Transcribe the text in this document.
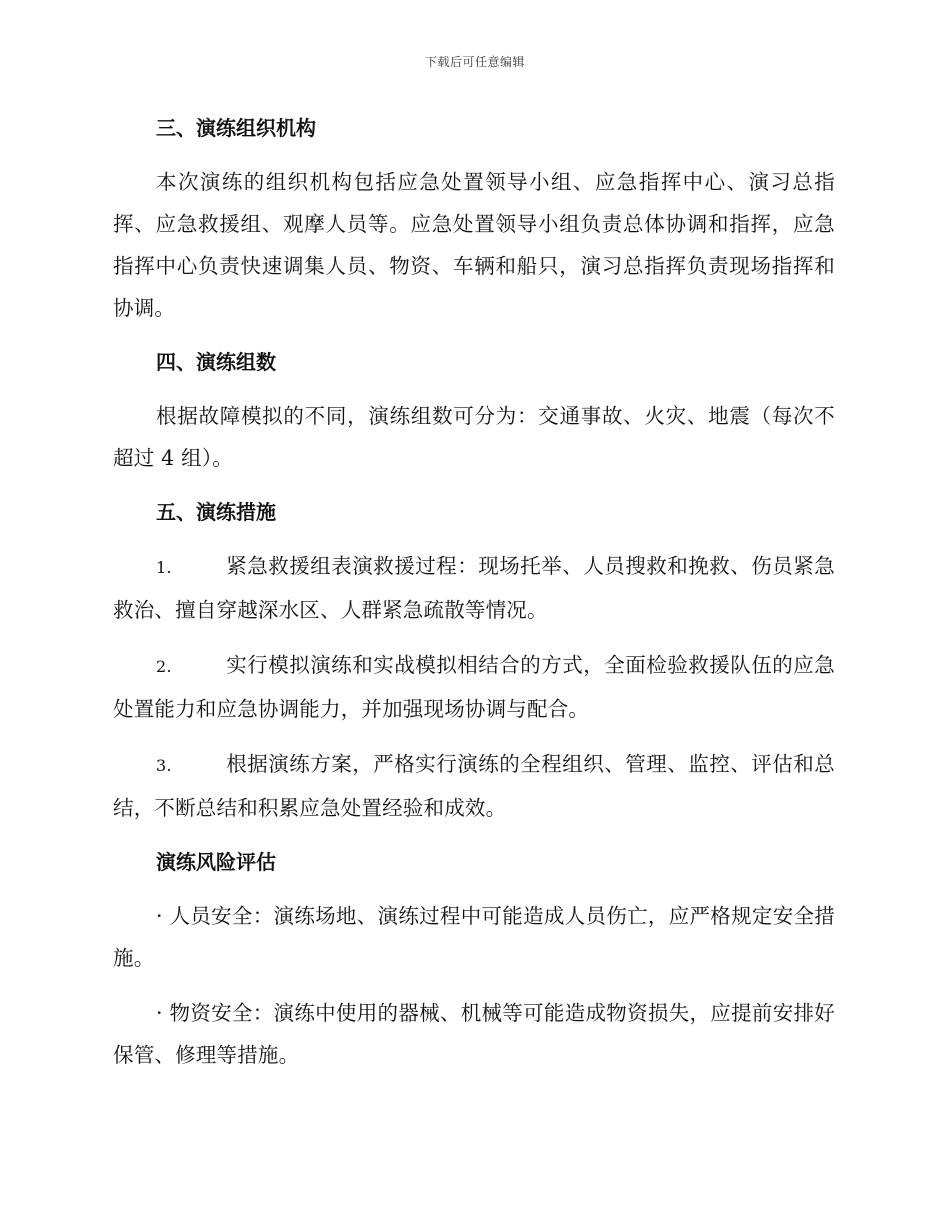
下载后可任意编辑
三、演练组织机构

本次演练的组织机构包括应急处置领导小组、应急指挥中心、演习总指挥、应急救援组、观摩人员等。应急处置领导小组负责总体协调和指挥，应急指挥中心负责快速调集人员、物资、车辆和船只，演习总指挥负责现场指挥和协调。

四、演练组数

根据故障模拟的不同，演练组数可分为：交通事故、火灾、地震（每次不超过 4 组）。

五、演练措施

1.	紧急救援组表演救援过程：现场托举、人员搜救和挽救、伤员紧急救治、擅自穿越深水区、人群紧急疏散等情况。

2.	实行模拟演练和实战模拟相结合的方式，全面检验救援队伍的应急处置能力和应急协调能力，并加强现场协调与配合。

3.	根据演练方案，严格实行演练的全程组织、管理、监控、评估和总结，不断总结和积累应急处置经验和成效。

演练风险评估

· 人员安全：演练场地、演练过程中可能造成人员伤亡，应严格规定安全措施。

· 物资安全：演练中使用的器械、机械等可能造成物资损失，应提前安排好保管、修理等措施。
